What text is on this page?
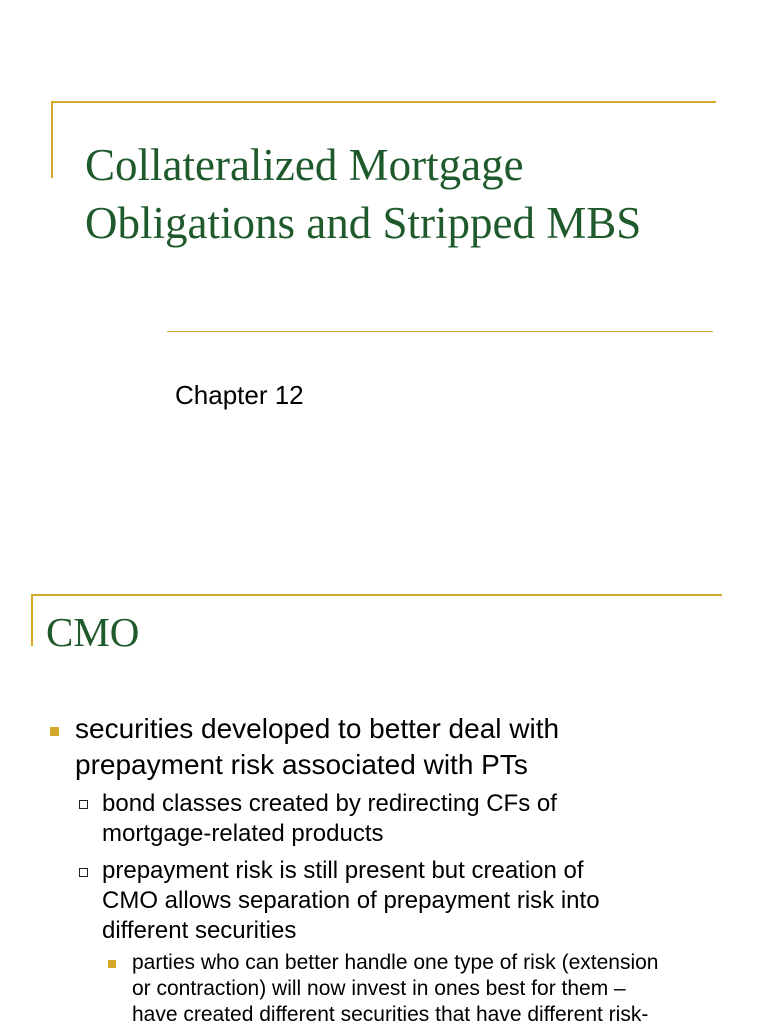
Collateralized Mortgage
Obligations and Stripped MBS
Chapter 12
CMO
securities developed to better deal with
prepayment risk associated with PTs
bond classes created by redirecting CFs of
mortgage-related products
prepayment risk is still present but creation of
CMO allows separation of prepayment risk into
different securities
parties who can better handle one type of risk (extension
or contraction) will now invest in ones best for them –
have created different securities that have different risk-
